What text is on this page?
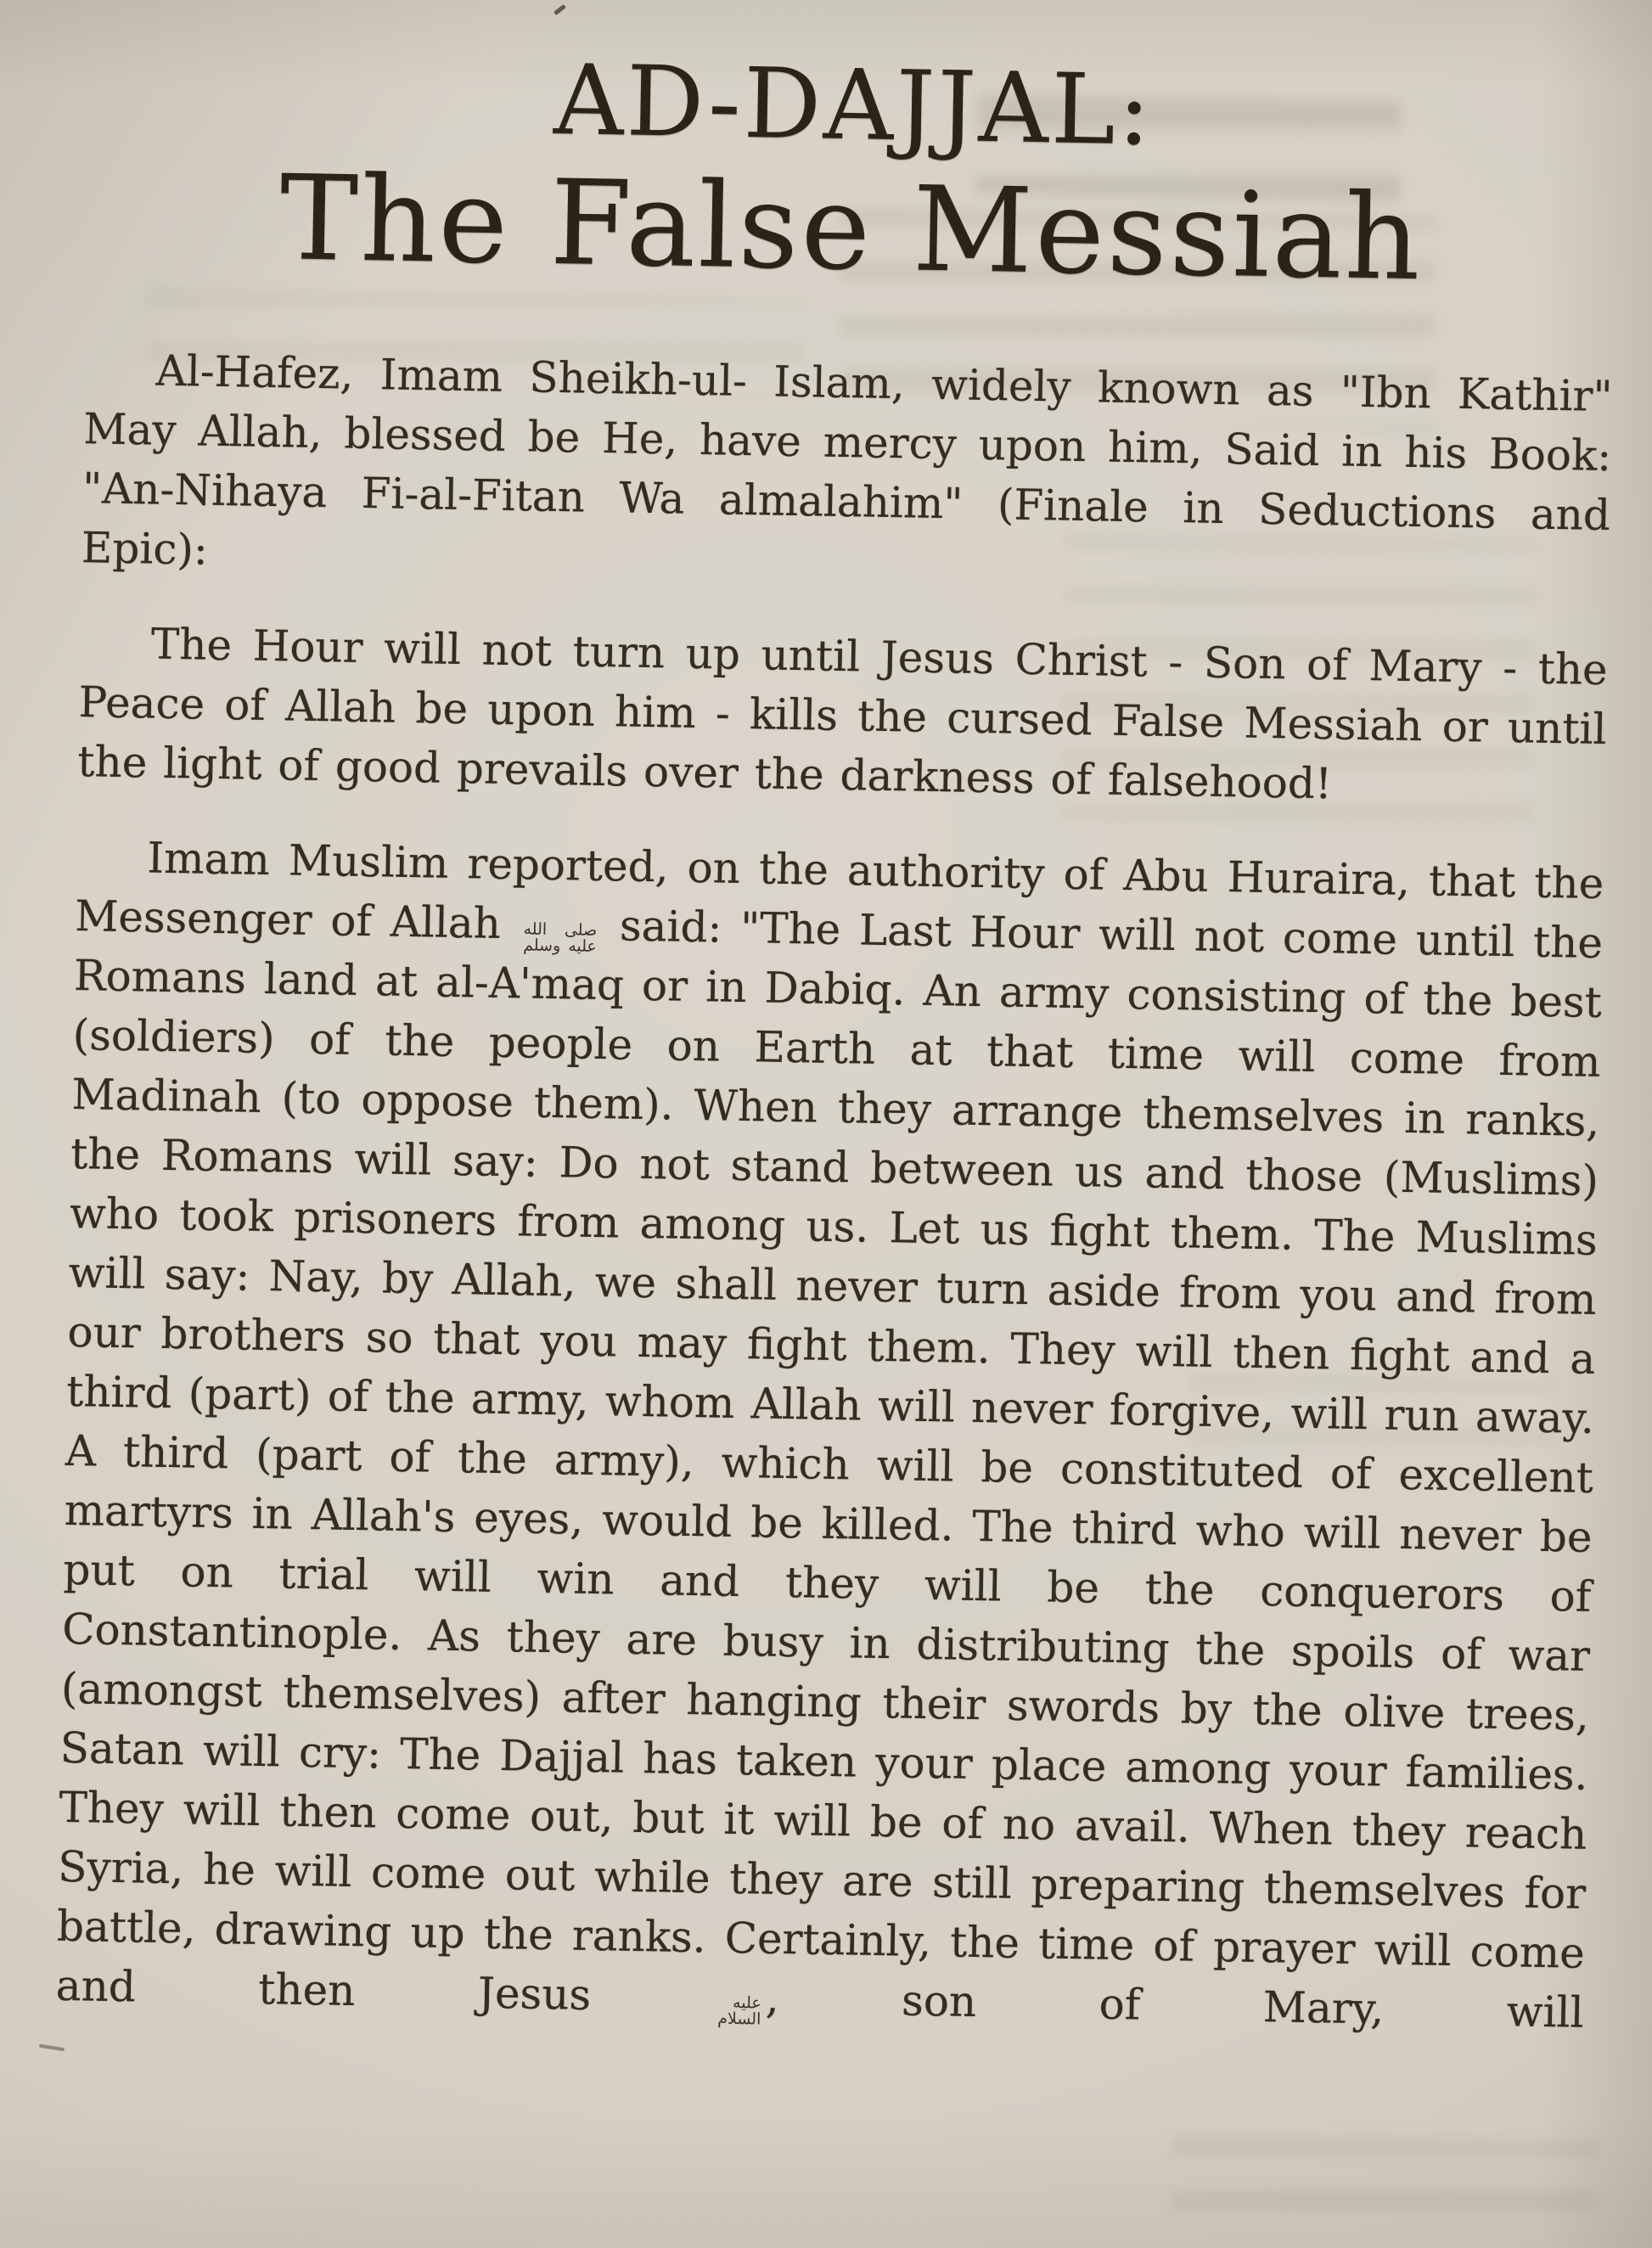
AD-DAJJAL:
The False Messiah

Al-Hafez, Imam Sheikh-ul- Islam, widely known as "Ibn Kathir" May Allah, blessed be He, have mercy upon him, Said in his Book: "An-Nihaya Fi-al-Fitan Wa almalahim" (Finale in Seductions and Epic):

The Hour will not turn up until Jesus Christ - Son of Mary - the Peace of Allah be upon him - kills the cursed False Messiah or until the light of good prevails over the darkness of falsehood!

Imam Muslim reported, on the authority of Abu Huraira, that the Messenger of Allah صلى الله
عليه وسلم said: "The Last Hour will not come until the Romans land at al-A'maq or in Dabiq. An army consisting of the best (soldiers) of the people on Earth at that time will come from Madinah (to oppose them). When they arrange themselves in ranks, the Romans will say: Do not stand between us and those (Muslims) who took prisoners from among us. Let us fight them. The Muslims will say: Nay, by Allah, we shall never turn aside from you and from our brothers so that you may fight them. They will then fight and a third (part) of the army, whom Allah will never forgive, will run away. A third (part of the army), which will be constituted of excellent martyrs in Allah's eyes, would be killed. The third who will never be put on trial will win and they will be the conquerors of Constantinople. As they are busy in distributing the spoils of war (amongst themselves) after hanging their swords by the olive trees, Satan will cry: The Dajjal has taken your place among your families. They will then come out, but it will be of no avail. When they reach Syria, he will come out while they are still preparing themselves for battle, drawing up the ranks. Certainly, the time of prayer will come and then Jesus	عليه
السلام , son of Mary, will
